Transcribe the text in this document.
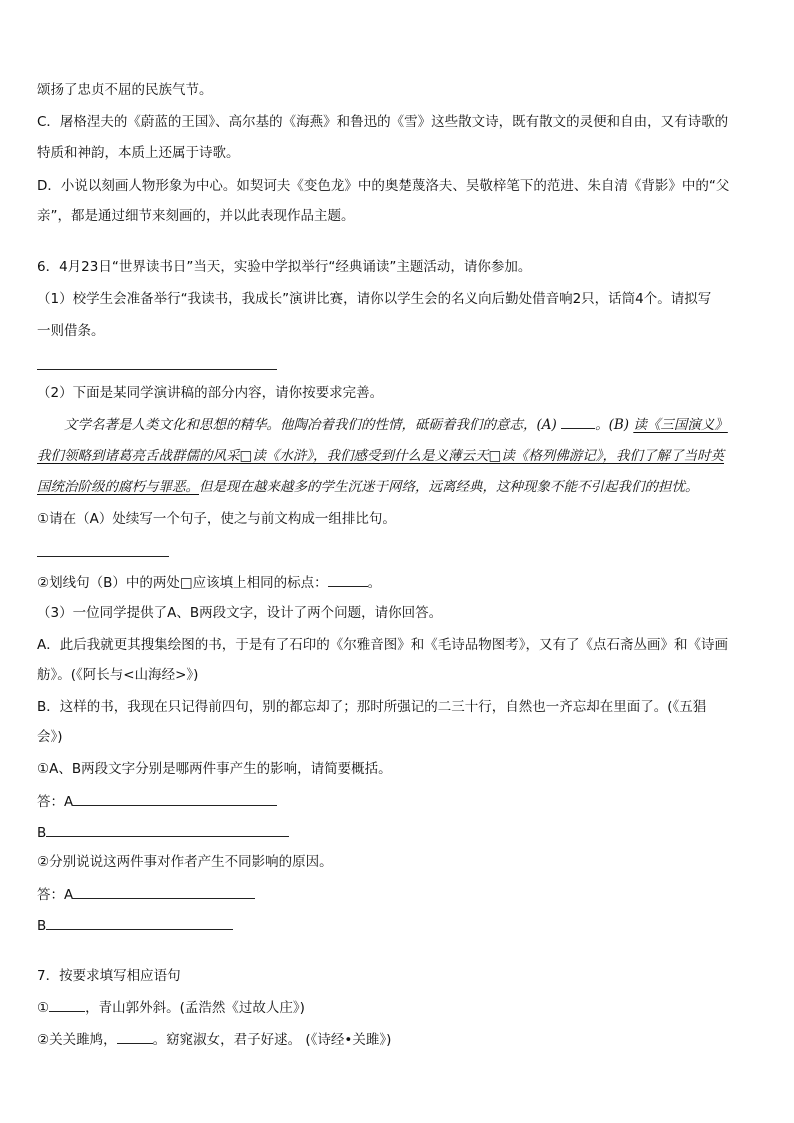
颂扬了忠贞不屈的民族气节。
C．屠格涅夫的《蔚蓝的王国》、高尔基的《海燕》和鲁迅的《雪》这些散文诗，既有散文的灵便和自由，又有诗歌的
特质和神韵，本质上还属于诗歌。
D．小说以刻画人物形象为中心。如契诃夫《变色龙》中的奥楚蔑洛夫、吴敬梓笔下的范进、朱自清《背影》中的“父
亲”，都是通过细节来刻画的，并以此表现作品主题。
6．4月23日“世界读书日”当天，实验中学拟举行“经典诵读”主题活动，请你参加。
（1）校学生会准备举行“我读书，我成长”演讲比赛，请你以学生会的名义向后勤处借音响2只，话筒4个。请拟写
一则借条。
（2）下面是某同学演讲稿的部分内容，请你按要求完善。
文学名著是人类文化和思想的精华。他陶冶着我们的性情，砥砺着我们的意志，(A)	。(B) 读《三国演义》
我们领略到诸葛亮舌战群儒的风采□读《水浒》，我们感受到什么是义薄云天□读《格列佛游记》，我们了解了当时英
国统治阶级的腐朽与罪恶。但是现在越来越多的学生沉迷于网络，远离经典，这种现象不能不引起我们的担忧。
①请在（A）处续写一个句子，使之与前文构成一组排比句。
②划线句（B）中的两处□应该填上相同的标点：	。
（3）一位同学提供了A、B两段文字，设计了两个问题，请你回答。
A．此后我就更其搜集绘图的书，于是有了石印的《尔雅音图》和《毛诗品物图考》，又有了《点石斋丛画》和《诗画
舫》。(《阿长与<山海经>》)
B．这样的书，我现在只记得前四句，别的都忘却了；那时所强记的二三十行，自然也一齐忘却在里面了。(《五猖
会》)
①A、B两段文字分别是哪两件事产生的影响，请简要概括。
答：A
B
②分别说说这两件事对作者产生不同影响的原因。
答：A
B
7．按要求填写相应语句
①	，青山郭外斜。(孟浩然《过故人庄》)
②关关雎鸠，	。窈窕淑女，君子好逑。 (《诗经•关雎》)
